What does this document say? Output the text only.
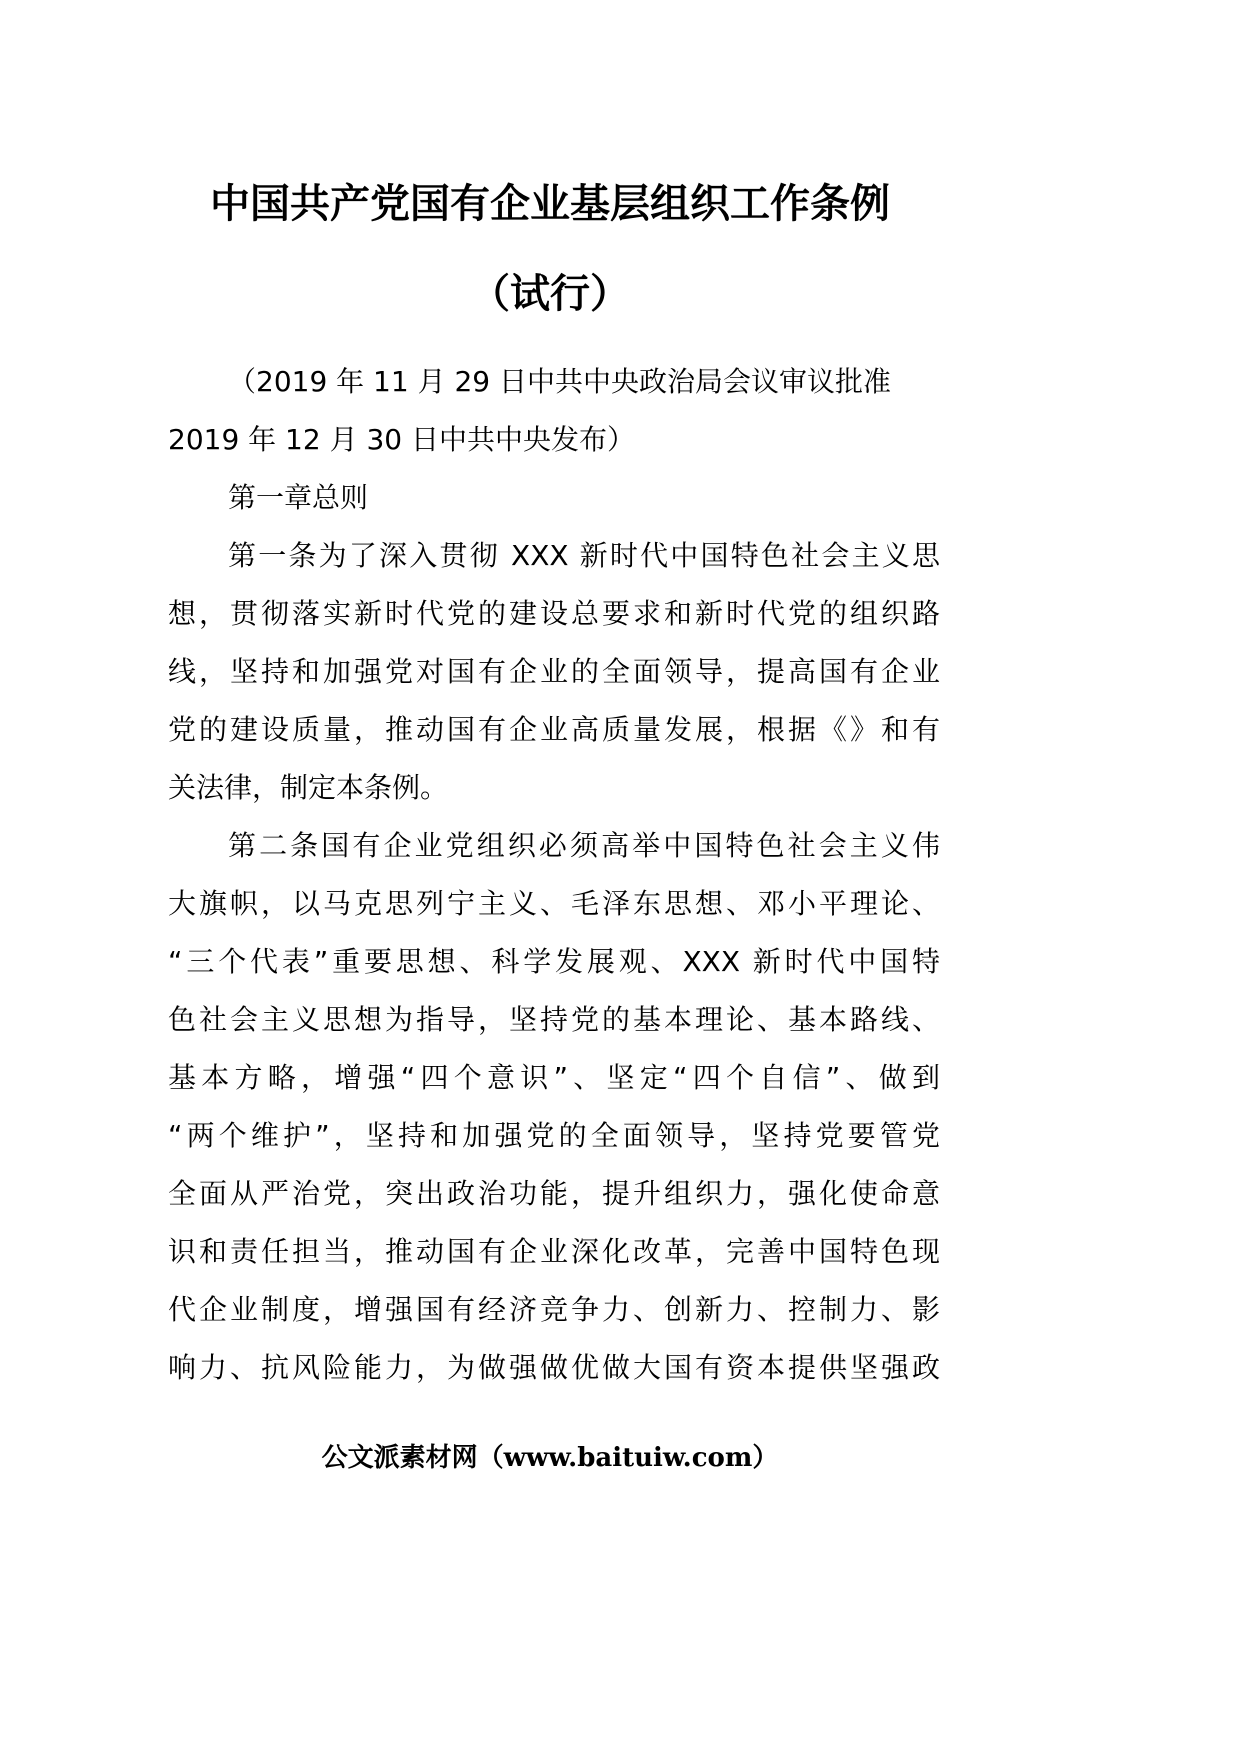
中国共产党国有企业基层组织工作条例
（试行）

（2019 年 11 月 29 日中共中央政治局会议审议批准

2019 年 12 月 30 日中共中央发布）

第一章总则

第一条为了深入贯彻 XXX 新时代中国特色社会主义思

想，贯彻落实新时代党的建设总要求和新时代党的组织路

线，坚持和加强党对国有企业的全面领导，提高国有企业

党的建设质量，推动国有企业高质量发展，根据《》和有

关法律，制定本条例。

第二条国有企业党组织必须高举中国特色社会主义伟

大旗帜，以马克思列宁主义、毛泽东思想、邓小平理论、

“三个代表”重要思想、科学发展观、XXX 新时代中国特

色社会主义思想为指导，坚持党的基本理论、基本路线、

基本方略，增强“四个意识”、坚定“四个自信”、做到

“两个维护”，坚持和加强党的全面领导，坚持党要管党

全面从严治党，突出政治功能，提升组织力，强化使命意

识和责任担当，推动国有企业深化改革，完善中国特色现

代企业制度，增强国有经济竞争力、创新力、控制力、影

响力、抗风险能力，为做强做优做大国有资本提供坚强政

公文派素材网（www.baituiw.com）
